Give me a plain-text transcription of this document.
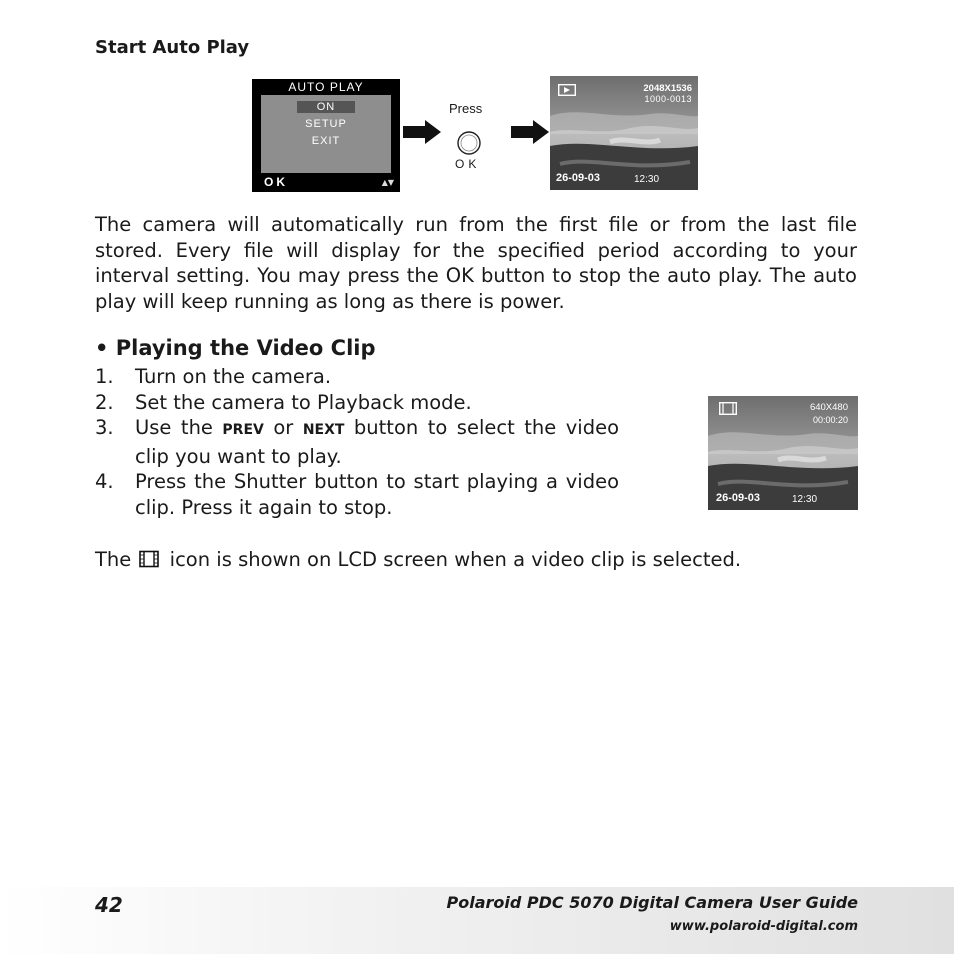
Start Auto Play
AUTO PLAY
ON
SETUP
EXIT
OK	▲▼
Press
OK
2048X1536
1000-0013
26-09-03	12:30

The camera will automatically run from the first file or from the last file stored. Every file will display for the specified period according to your interval setting. You may press the OK button to stop the auto play. The auto play will keep running as long as there is power.

• Playing the Video Clip
1. Turn on the camera.
2. Set the camera to Playback mode.
3. Use the PREV or NEXT button to select the video clip you want to play.
4. Press the Shutter button to start playing a video clip. Press it again to stop.
640X480
00:00:20
26-09-03	12:30

The  icon is shown on LCD screen when a video clip is selected.

42	Polaroid PDC 5070 Digital Camera User Guide
www.polaroid-digital.com
